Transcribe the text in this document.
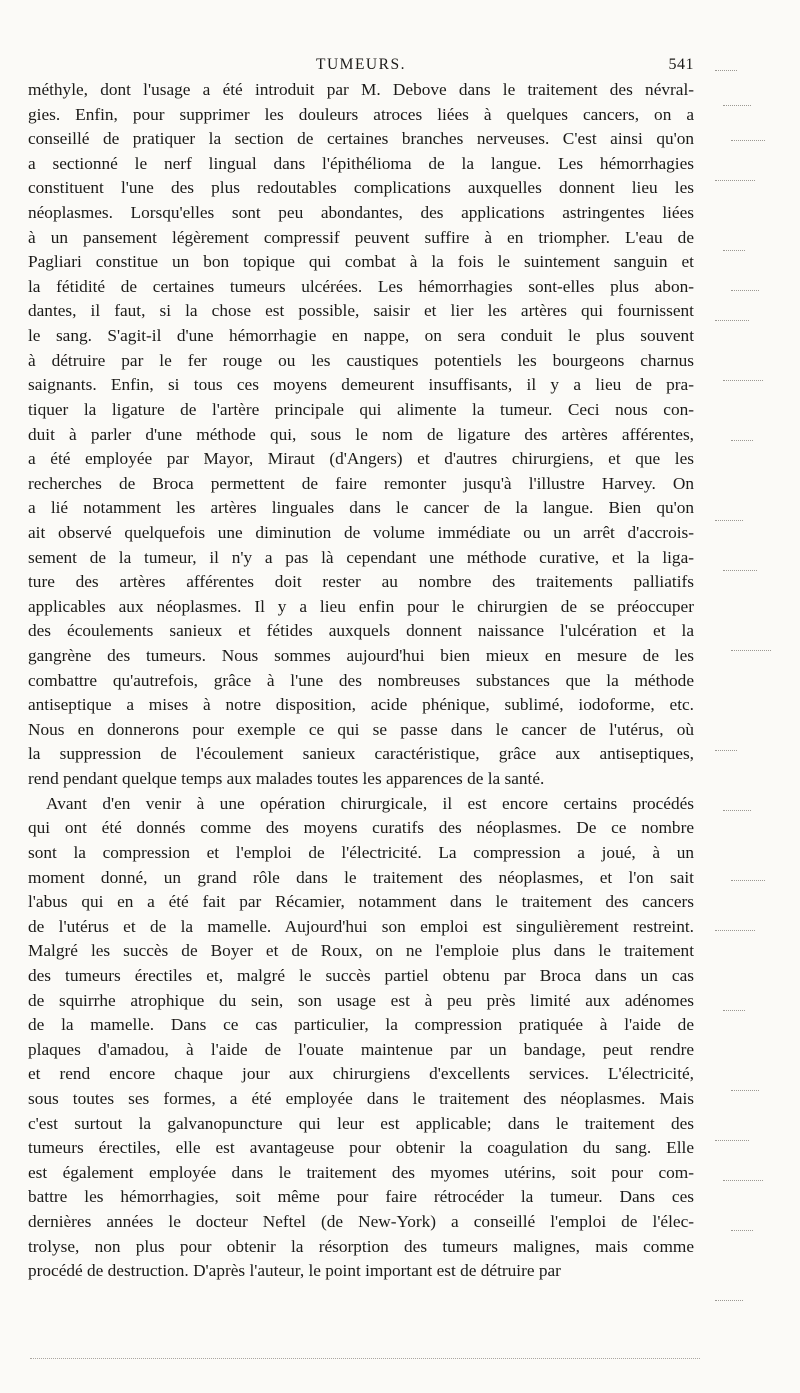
TUMEURS.	541
méthyle, dont l'usage a été introduit par M. Debove dans le traitement des névral-
gies. Enfin, pour supprimer les douleurs atroces liées à quelques cancers, on a
conseillé de pratiquer la section de certaines branches nerveuses. C'est ainsi qu'on
a sectionné le nerf lingual dans l'épithélioma de la langue. Les hémorrhagies
constituent l'une des plus redoutables complications auxquelles donnent lieu les
néoplasmes. Lorsqu'elles sont peu abondantes, des applications astringentes liées
à un pansement légèrement compressif peuvent suffire à en triompher. L'eau de
Pagliari constitue un bon topique qui combat à la fois le suintement sanguin et
la fétidité de certaines tumeurs ulcérées. Les hémorrhagies sont-elles plus abon-
dantes, il faut, si la chose est possible, saisir et lier les artères qui fournissent
le sang. S'agit-il d'une hémorrhagie en nappe, on sera conduit le plus souvent
à détruire par le fer rouge ou les caustiques potentiels les bourgeons charnus
saignants. Enfin, si tous ces moyens demeurent insuffisants, il y a lieu de pra-
tiquer la ligature de l'artère principale qui alimente la tumeur. Ceci nous con-
duit à parler d'une méthode qui, sous le nom de ligature des artères afférentes,
a été employée par Mayor, Miraut (d'Angers) et d'autres chirurgiens, et que les
recherches de Broca permettent de faire remonter jusqu'à l'illustre Harvey. On
a lié notamment les artères linguales dans le cancer de la langue. Bien qu'on
ait observé quelquefois une diminution de volume immédiate ou un arrêt d'accrois-
sement de la tumeur, il n'y a pas là cependant une méthode curative, et la liga-
ture des artères afférentes doit rester au nombre des traitements palliatifs
applicables aux néoplasmes. Il y a lieu enfin pour le chirurgien de se préoccuper
des écoulements sanieux et fétides auxquels donnent naissance l'ulcération et la
gangrène des tumeurs. Nous sommes aujourd'hui bien mieux en mesure de les
combattre qu'autrefois, grâce à l'une des nombreuses substances que la méthode
antiseptique a mises à notre disposition, acide phénique, sublimé, iodoforme, etc.
Nous en donnerons pour exemple ce qui se passe dans le cancer de l'utérus, où
la suppression de l'écoulement sanieux caractéristique, grâce aux antiseptiques,
rend pendant quelque temps aux malades toutes les apparences de la santé.
Avant d'en venir à une opération chirurgicale, il est encore certains procédés
qui ont été donnés comme des moyens curatifs des néoplasmes. De ce nombre
sont la compression et l'emploi de l'électricité. La compression a joué, à un
moment donné, un grand rôle dans le traitement des néoplasmes, et l'on sait
l'abus qui en a été fait par Récamier, notamment dans le traitement des cancers
de l'utérus et de la mamelle. Aujourd'hui son emploi est singulièrement restreint.
Malgré les succès de Boyer et de Roux, on ne l'emploie plus dans le traitement
des tumeurs érectiles et, malgré le succès partiel obtenu par Broca dans un cas
de squirrhe atrophique du sein, son usage est à peu près limité aux adénomes
de la mamelle. Dans ce cas particulier, la compression pratiquée à l'aide de
plaques d'amadou, à l'aide de l'ouate maintenue par un bandage, peut rendre
et rend encore chaque jour aux chirurgiens d'excellents services. L'électricité,
sous toutes ses formes, a été employée dans le traitement des néoplasmes. Mais
c'est surtout la galvanopuncture qui leur est applicable; dans le traitement des
tumeurs érectiles, elle est avantageuse pour obtenir la coagulation du sang. Elle
est également employée dans le traitement des myomes utérins, soit pour com-
battre les hémorrhagies, soit même pour faire rétrocéder la tumeur. Dans ces
dernières années le docteur Neftel (de New-York) a conseillé l'emploi de l'élec-
trolyse, non plus pour obtenir la résorption des tumeurs malignes, mais comme
procédé de destruction. D'après l'auteur, le point important est de détruire par
